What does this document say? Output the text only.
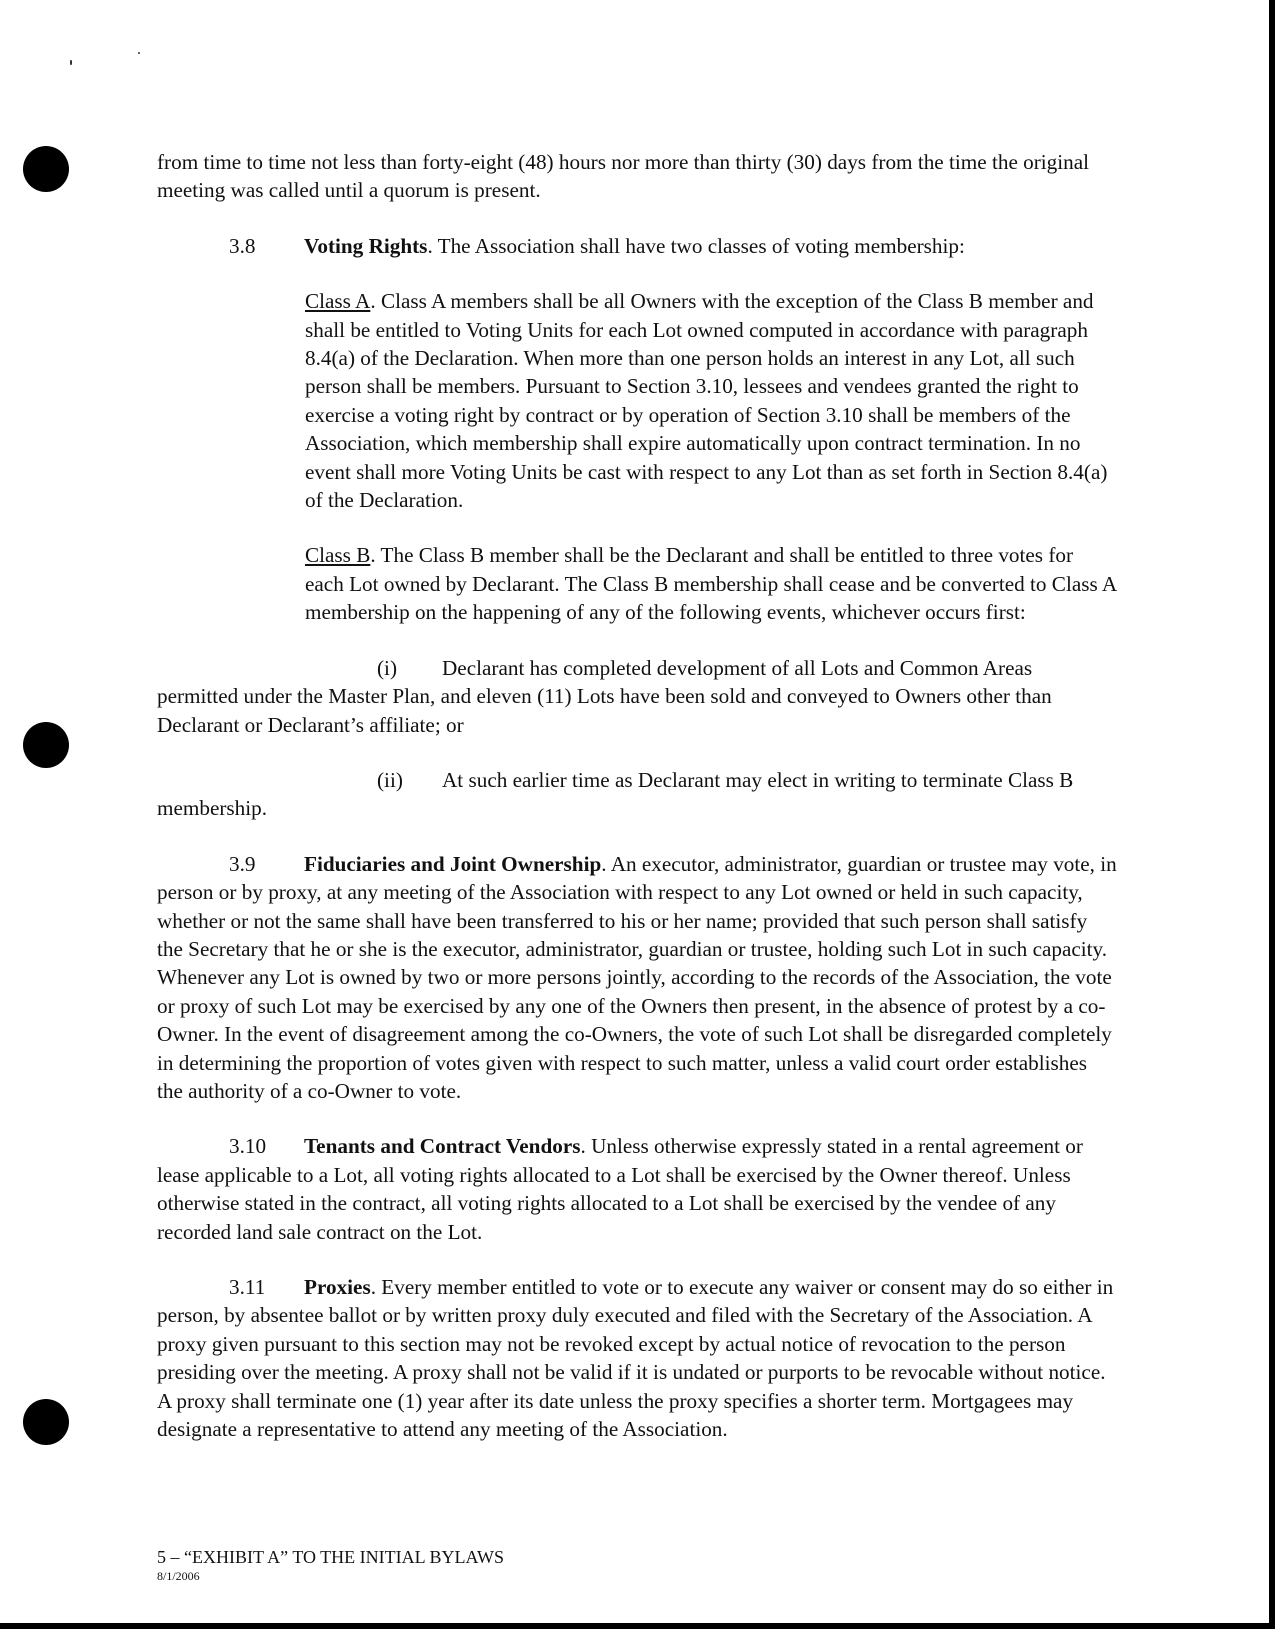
from time to time not less than forty-eight (48) hours nor more than thirty (30) days from the time the original meeting was called until a quorum is present.

3.8 Voting Rights. The Association shall have two classes of voting membership:

Class A. Class A members shall be all Owners with the exception of the Class B member and shall be entitled to Voting Units for each Lot owned computed in accordance with paragraph 8.4(a) of the Declaration. When more than one person holds an interest in any Lot, all such person shall be members. Pursuant to Section 3.10, lessees and vendees granted the right to exercise a voting right by contract or by operation of Section 3.10 shall be members of the Association, which membership shall expire automatically upon contract termination. In no event shall more Voting Units be cast with respect to any Lot than as set forth in Section 8.4(a) of the Declaration.

Class B. The Class B member shall be the Declarant and shall be entitled to three votes for each Lot owned by Declarant. The Class B membership shall cease and be converted to Class A membership on the happening of any of the following events, whichever occurs first:

(i) Declarant has completed development of all Lots and Common Areas permitted under the Master Plan, and eleven (11) Lots have been sold and conveyed to Owners other than Declarant or Declarant’s affiliate; or

(ii) At such earlier time as Declarant may elect in writing to terminate Class B membership.

3.9 Fiduciaries and Joint Ownership. An executor, administrator, guardian or trustee may vote, in person or by proxy, at any meeting of the Association with respect to any Lot owned or held in such capacity, whether or not the same shall have been transferred to his or her name; provided that such person shall satisfy the Secretary that he or she is the executor, administrator, guardian or trustee, holding such Lot in such capacity. Whenever any Lot is owned by two or more persons jointly, according to the records of the Association, the vote or proxy of such Lot may be exercised by any one of the Owners then present, in the absence of protest by a co-Owner. In the event of disagreement among the co-Owners, the vote of such Lot shall be disregarded completely in determining the proportion of votes given with respect to such matter, unless a valid court order establishes the authority of a co-Owner to vote.

3.10 Tenants and Contract Vendors. Unless otherwise expressly stated in a rental agreement or lease applicable to a Lot, all voting rights allocated to a Lot shall be exercised by the Owner thereof. Unless otherwise stated in the contract, all voting rights allocated to a Lot shall be exercised by the vendee of any recorded land sale contract on the Lot.

3.11 Proxies. Every member entitled to vote or to execute any waiver or consent may do so either in person, by absentee ballot or by written proxy duly executed and filed with the Secretary of the Association. A proxy given pursuant to this section may not be revoked except by actual notice of revocation to the person presiding over the meeting. A proxy shall not be valid if it is undated or purports to be revocable without notice. A proxy shall terminate one (1) year after its date unless the proxy specifies a shorter term. Mortgagees may designate a representative to attend any meeting of the Association.

5 – “EXHIBIT A” TO THE INITIAL BYLAWS
8/1/2006
